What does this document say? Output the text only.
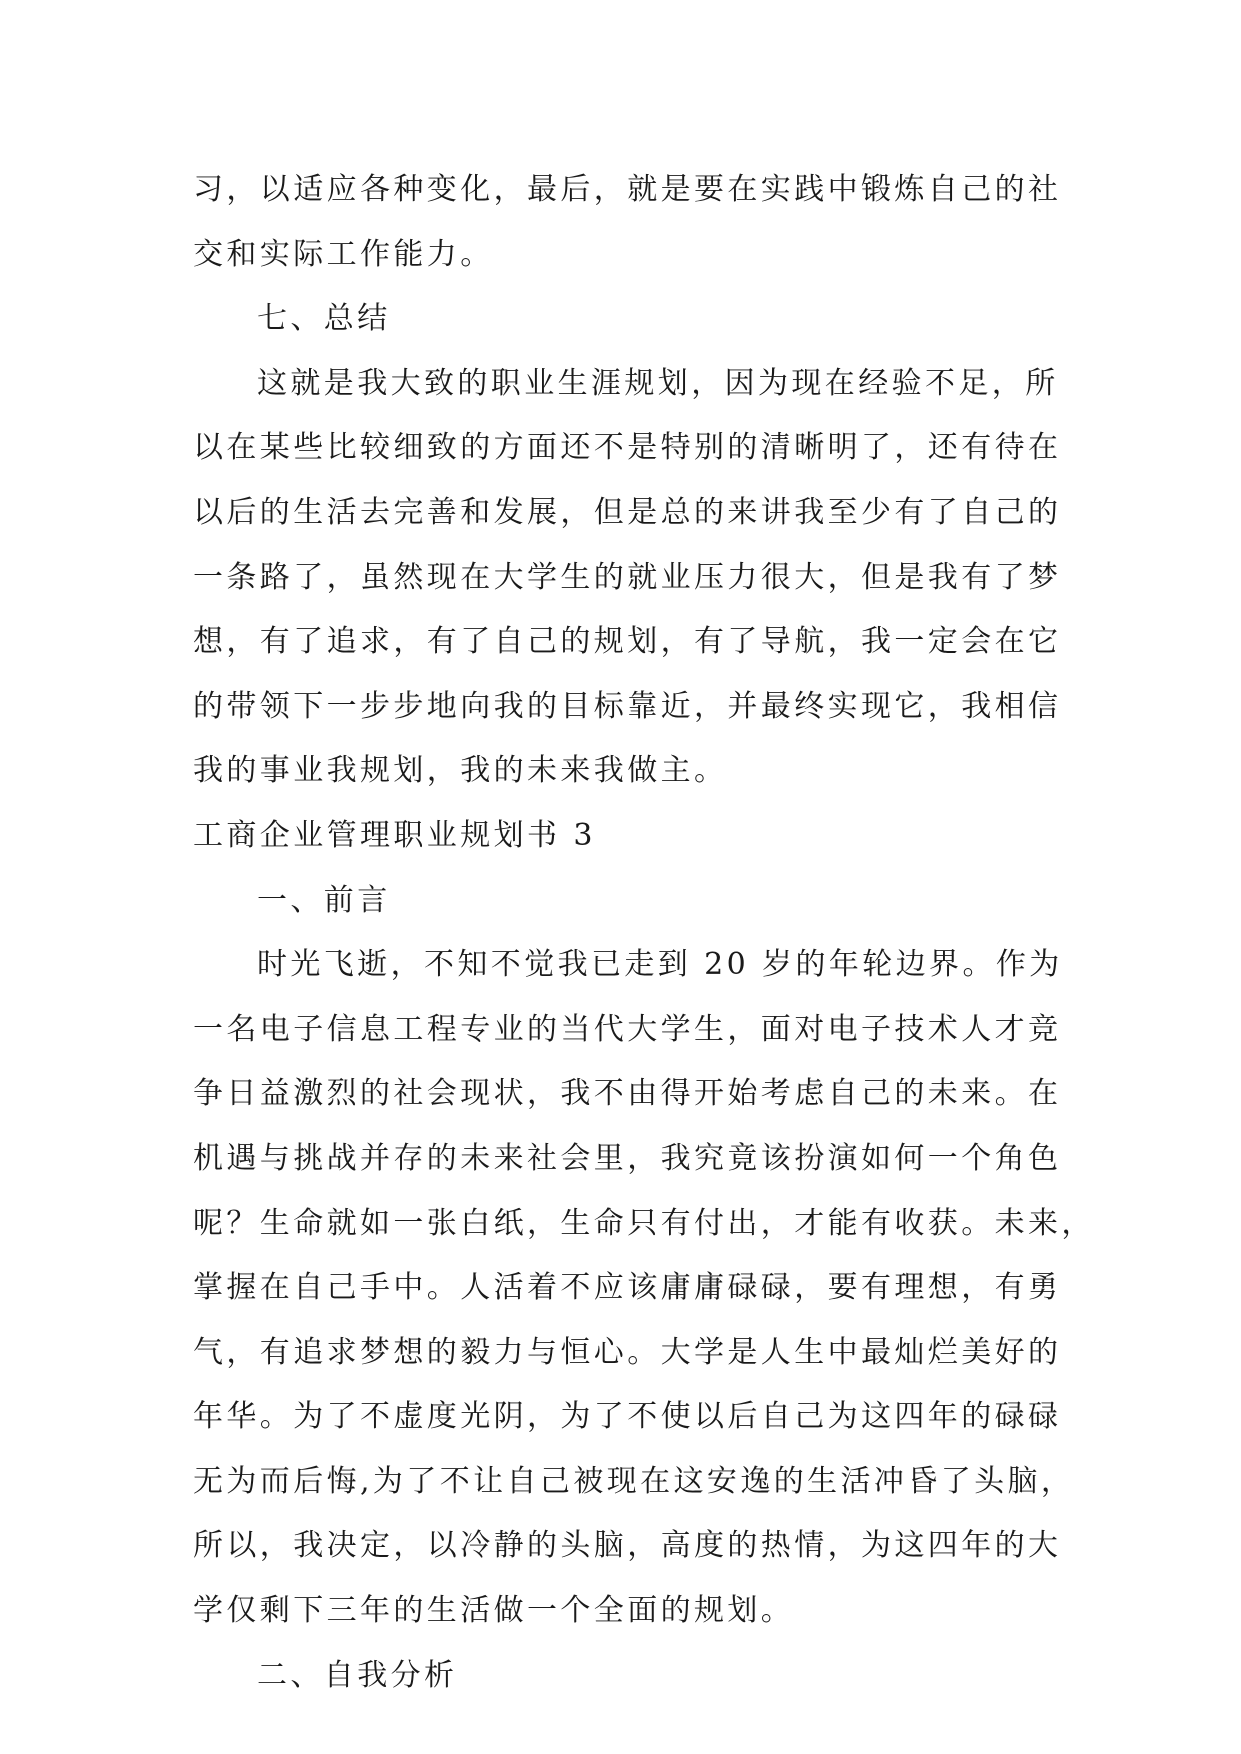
习，以适应各种变化，最后，就是要在实践中锻炼自己的社
交和实际工作能力。
七、总结
这就是我大致的职业生涯规划，因为现在经验不足，所
以在某些比较细致的方面还不是特别的清晰明了，还有待在
以后的生活去完善和发展，但是总的来讲我至少有了自己的
一条路了，虽然现在大学生的就业压力很大，但是我有了梦
想，有了追求，有了自己的规划，有了导航，我一定会在它
的带领下一步步地向我的目标靠近，并最终实现它，我相信
我的事业我规划，我的未来我做主。
工商企业管理职业规划书 3
一、前言
时光飞逝，不知不觉我已走到 20 岁的年轮边界。作为
一名电子信息工程专业的当代大学生，面对电子技术人才竞
争日益激烈的社会现状，我不由得开始考虑自己的未来。在
机遇与挑战并存的未来社会里，我究竟该扮演如何一个角色
呢？生命就如一张白纸，生命只有付出，才能有收获。未来，
掌握在自己手中。人活着不应该庸庸碌碌，要有理想，有勇
气，有追求梦想的毅力与恒心。大学是人生中最灿烂美好的
年华。为了不虚度光阴，为了不使以后自己为这四年的碌碌
无为而后悔,为了不让自己被现在这安逸的生活冲昏了头脑，
所以，我决定，以冷静的头脑，高度的热情，为这四年的大
学仅剩下三年的生活做一个全面的规划。
二、自我分析
